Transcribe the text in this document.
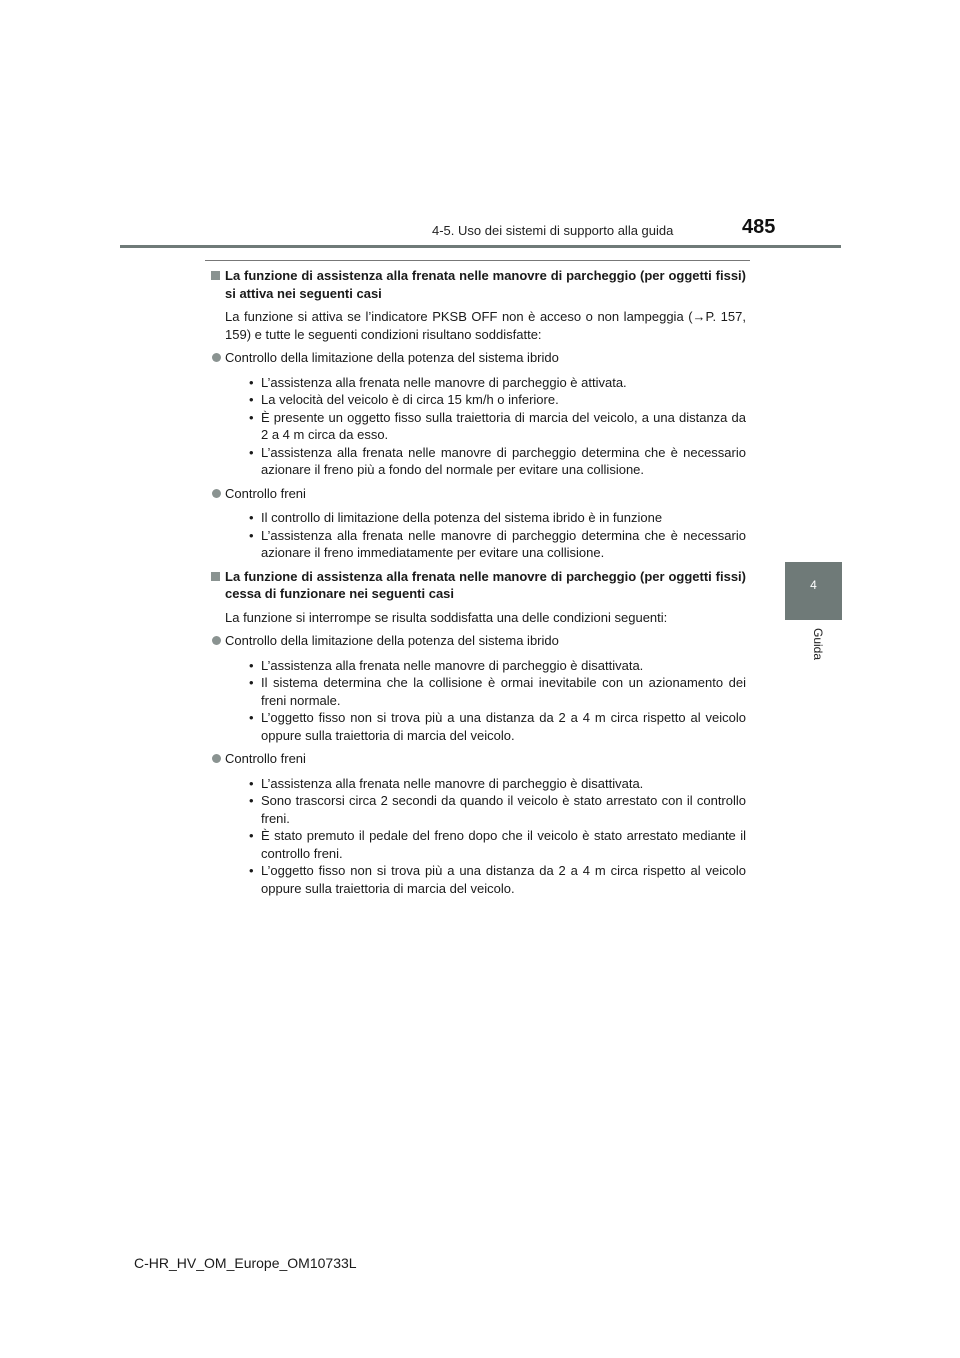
4-5. Uso dei sistemi di supporto alla guida	485
4
Guida
La funzione di assistenza alla frenata nelle manovre di parcheggio (per oggetti fissi) si attiva nei seguenti casi
La funzione si attiva se l’indicatore PKSB OFF non è acceso o non lampeggia (→P. 157, 159) e tutte le seguenti condizioni risultano soddisfatte:
Controllo della limitazione della potenza del sistema ibrido
• L’assistenza alla frenata nelle manovre di parcheggio è attivata.
• La velocità del veicolo è di circa 15 km/h o inferiore.
• È presente un oggetto fisso sulla traiettoria di marcia del veicolo, a una distanza da 2 a 4 m circa da esso.
• L’assistenza alla frenata nelle manovre di parcheggio determina che è necessario azionare il freno più a fondo del normale per evitare una collisione.
Controllo freni
• Il controllo di limitazione della potenza del sistema ibrido è in funzione
• L’assistenza alla frenata nelle manovre di parcheggio determina che è necessario azionare il freno immediatamente per evitare una collisione.
La funzione di assistenza alla frenata nelle manovre di parcheggio (per oggetti fissi) cessa di funzionare nei seguenti casi
La funzione si interrompe se risulta soddisfatta una delle condizioni seguenti:
Controllo della limitazione della potenza del sistema ibrido
• L’assistenza alla frenata nelle manovre di parcheggio è disattivata.
• Il sistema determina che la collisione è ormai inevitabile con un azionamento dei freni normale.
• L’oggetto fisso non si trova più a una distanza da 2 a 4 m circa rispetto al veicolo oppure sulla traiettoria di marcia del veicolo.
Controllo freni
• L’assistenza alla frenata nelle manovre di parcheggio è disattivata.
• Sono trascorsi circa 2 secondi da quando il veicolo è stato arrestato con il controllo freni.
• È stato premuto il pedale del freno dopo che il veicolo è stato arrestato mediante il controllo freni.
• L’oggetto fisso non si trova più a una distanza da 2 a 4 m circa rispetto al veicolo oppure sulla traiettoria di marcia del veicolo.
C-HR_HV_OM_Europe_OM10733L
